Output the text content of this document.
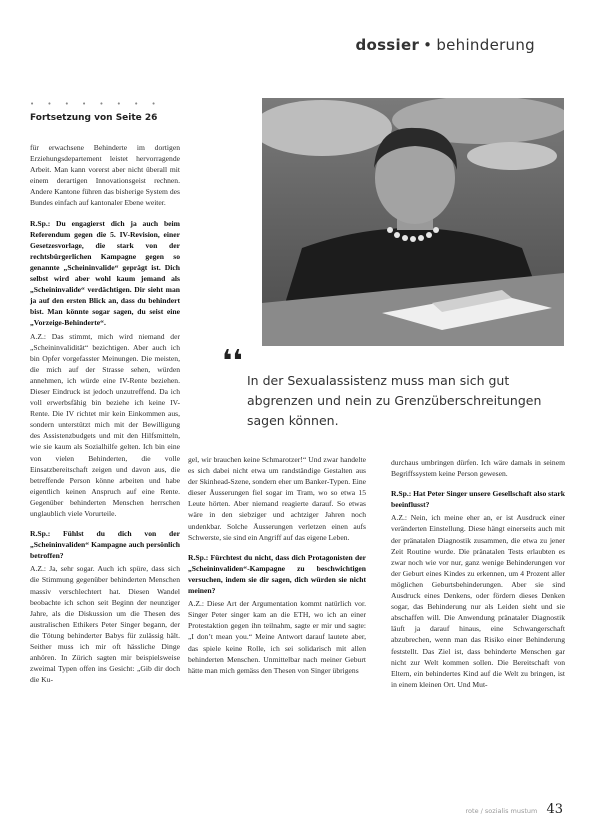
dossier • behinderung
• • • • • • • •
Fortsetzung von Seite 26

für erwachsene Behinderte im dortigen Erziehungsdepartement leistet hervorragende Arbeit. Man kann vorerst aber nicht überall mit einem derartigen Innovationsgeist rechnen. Andere Kantone führen das bisherige System des Bundes einfach auf kantonaler Ebene weiter.

R.Sp.: Du engagierst dich ja auch beim Referendum gegen die 5. IV-Revision, einer Gesetzesvorlage, die stark von der rechtsbürgerlichen Kampagne gegen so genannte „Scheininvalide“ geprägt ist. Dich selbst wird aber wohl kaum jemand als „Scheininvalide“ verdächtigen. Dir sieht man ja auf den ersten Blick an, dass du behindert bist. Man könnte sogar sagen, du seist eine „Vorzeige-Behinderte“.

A.Z.: Das stimmt, mich wird niemand der „Scheininvalidität“ bezichtigen. Aber auch ich bin Opfer vorgefasster Meinungen. Die meisten, die mich auf der Strasse sehen, würden annehmen, ich würde eine IV-Rente beziehen. Dieser Eindruck ist jedoch unzutreffend. Da ich voll erwerbsfähig bin beziehe ich keine IV-Rente. Die IV richtet mir kein Einkommen aus, sondern unterstützt mich mit der Bewilligung des Assistenzbudgets und mit den Hilfsmitteln, wie sie kaum als Sozialhilfe gelten. Ich bin eine von vielen Behinderten, die volle Einsatzbereitschaft zeigen und davon aus, die betreffende Person könne arbeiten und habe eigentlich keinen Anspruch auf eine Rente. Gegenüber behinderten Menschen herrschen unglaublich viele Vorurteile.

R.Sp.: Fühlst du dich von der „Scheininvaliden“ Kampagne auch persönlich betroffen?

A.Z.: Ja, sehr sogar. Auch ich spüre, dass sich die Stimmung gegenüber behinderten Menschen massiv verschlechtert hat. Diesen Wandel beobachte ich schon seit Beginn der neunziger Jahre, als die Diskussion um die Thesen des australischen Ethikers Peter Singer begann, der die Tötung behinderter Babys für zulässig hält. Seither muss ich mir oft hässliche Dinge anhören. In Zürich sagten mir beispielsweise zweimal Typen offen ins Gesicht: „Gib dir doch die Ku-

❛❛
In der Sexualassistenz muss man sich gut abgrenzen und nein zu Grenzüberschreitungen sagen können.

gel, wir brauchen keine Schmarotzer!“ Und zwar handelte es sich dabei nicht etwa um randständige Gestalten aus der Skinhead-Szene, sondern eher um Banker-Typen. Eine dieser Äusserungen fiel sogar im Tram, wo so etwa 15 Leute hörten. Aber niemand reagierte darauf. So etwas wäre in den siebziger und achtziger Jahren noch undenkbar. Solche Äusserungen verletzen einen aufs Schwerste, sie sind ein Angriff auf das eigene Leben.

R.Sp.: Fürchtest du nicht, dass dich Protagonisten der „Scheininvaliden“-Kampagne zu beschwichtigen versuchen, indem sie dir sagen, dich würden sie nicht meinen?

A.Z.: Diese Art der Argumentation kommt natürlich vor. Singer Peter singer kam an die ETH, wo ich an einer Protestaktion gegen ihn teilnahm, sagte er mir und sagte: „I don’t mean you.“ Meine Antwort darauf lautete aber, das spiele keine Rolle, ich sei solidarisch mit allen behinderten Menschen. Unmittelbar nach meiner Geburt hätte man mich gemäss den Thesen von Singer übrigens

durchaus umbringen dürfen. Ich wäre damals in seinem Begriffssystem keine Person gewesen.

R.Sp.: Hat Peter Singer unsere Gesellschaft also stark beeinflusst?

A.Z.: Nein, ich meine eher an, er ist Ausdruck einer veränderten Einstellung. Diese hängt einerseits auch mit der pränatalen Diagnostik zusammen, die etwa zu jener Zeit Routine wurde. Die pränatalen Tests erlaubten es zwar noch wie vor nur, ganz wenige Behinderungen vor der Geburt eines Kindes zu erkennen, um 4 Prozent aller möglichen Geburtsbehinderungen. Aber sie sind Ausdruck eines Denkens, oder fördern dieses Denken sogar, das Behinderung nur als Leiden sieht und sie abschaffen will. Die Anwendung pränataler Diagnostik läuft ja darauf hinaus, eine Schwangerschaft abzubrechen, wenn man das Risiko einer Behinderung feststellt. Das Ziel ist, dass behinderte Menschen gar nicht zur Welt kommen sollen. Die Bereitschaft von Eltern, ein behindertes Kind auf die Welt zu bringen, ist in einem kleinen Ort. Und Mut-

rote / sozialis mustum 43
